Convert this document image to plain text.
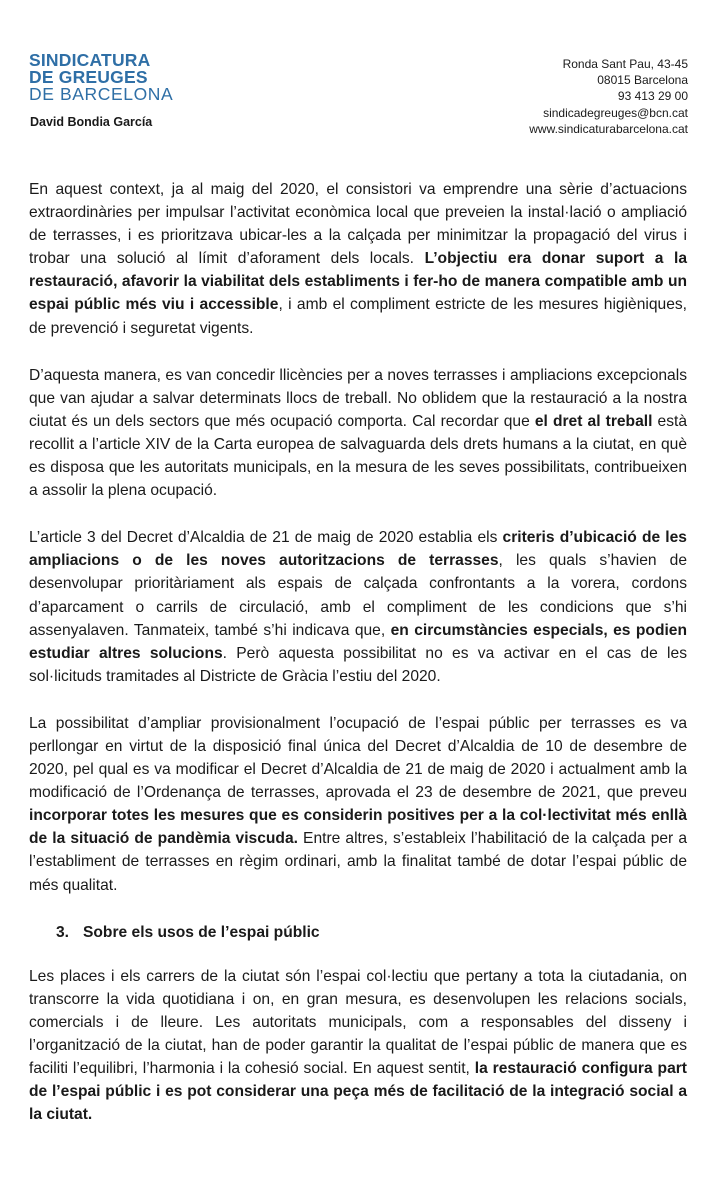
SINDICATURA
DE GREUGES
DE BARCELONA
David Bondia García
Ronda Sant Pau, 43-45
08015 Barcelona
93 413 29 00
sindicadegreuges@bcn.cat
www.sindicaturabarcelona.cat

En aquest context, ja al maig del 2020, el consistori va emprendre una sèrie d’actuacions extraordinàries per impulsar l’activitat econòmica local que preveien la instal·lació o ampliació de terrasses, i es prioritzava ubicar-les a la calçada per minimitzar la propagació del virus i trobar una solució al límit d’aforament dels locals. L’objectiu era donar suport a la restauració, afavorir la viabilitat dels establiments i fer-ho de manera compatible amb un espai públic més viu i accessible, i amb el compliment estricte de les mesures higièniques, de prevenció i seguretat vigents.

D’aquesta manera, es van concedir llicències per a noves terrasses i ampliacions excepcionals que van ajudar a salvar determinats llocs de treball. No oblidem que la restauració a la nostra ciutat és un dels sectors que més ocupació comporta. Cal recordar que el dret al treball està recollit a l’article XIV de la Carta europea de salvaguarda dels drets humans a la ciutat, en què es disposa que les autoritats municipals, en la mesura de les seves possibilitats, contribueixen a assolir la plena ocupació.

L’article 3 del Decret d’Alcaldia de 21 de maig de 2020 establia els criteris d’ubicació de les ampliacions o de les noves autoritzacions de terrasses, les quals s’havien de desenvolupar prioritàriament als espais de calçada confrontants a la vorera, cordons d’aparcament o carrils de circulació, amb el compliment de les condicions que s’hi assenyalaven. Tanmateix, també s’hi indicava que, en circumstàncies especials, es podien estudiar altres solucions. Però aquesta possibilitat no es va activar en el cas de les sol·licituds tramitades al Districte de Gràcia l’estiu del 2020.

La possibilitat d’ampliar provisionalment l’ocupació de l’espai públic per terrasses es va perllongar en virtut de la disposició final única del Decret d’Alcaldia de 10 de desembre de 2020, pel qual es va modificar el Decret d’Alcaldia de 21 de maig de 2020 i actualment amb la modificació de l’Ordenança de terrasses, aprovada el 23 de desembre de 2021, que preveu incorporar totes les mesures que es considerin positives per a la col·lectivitat més enllà de la situació de pandèmia viscuda. Entre altres, s’estableix l’habilitació de la calçada per a l’establiment de terrasses en règim ordinari, amb la finalitat també de dotar l’espai públic de més qualitat.

3. Sobre els usos de l’espai públic

Les places i els carrers de la ciutat són l’espai col·lectiu que pertany a tota la ciutadania, on transcorre la vida quotidiana i on, en gran mesura, es desenvolupen les relacions socials, comercials i de lleure. Les autoritats municipals, com a responsables del disseny i l’organització de la ciutat, han de poder garantir la qualitat de l’espai públic de manera que es faciliti l’equilibri, l’harmonia i la cohesió social. En aquest sentit, la restauració configura part de l’espai públic i es pot considerar una peça més de facilitació de la integració social a la ciutat.
